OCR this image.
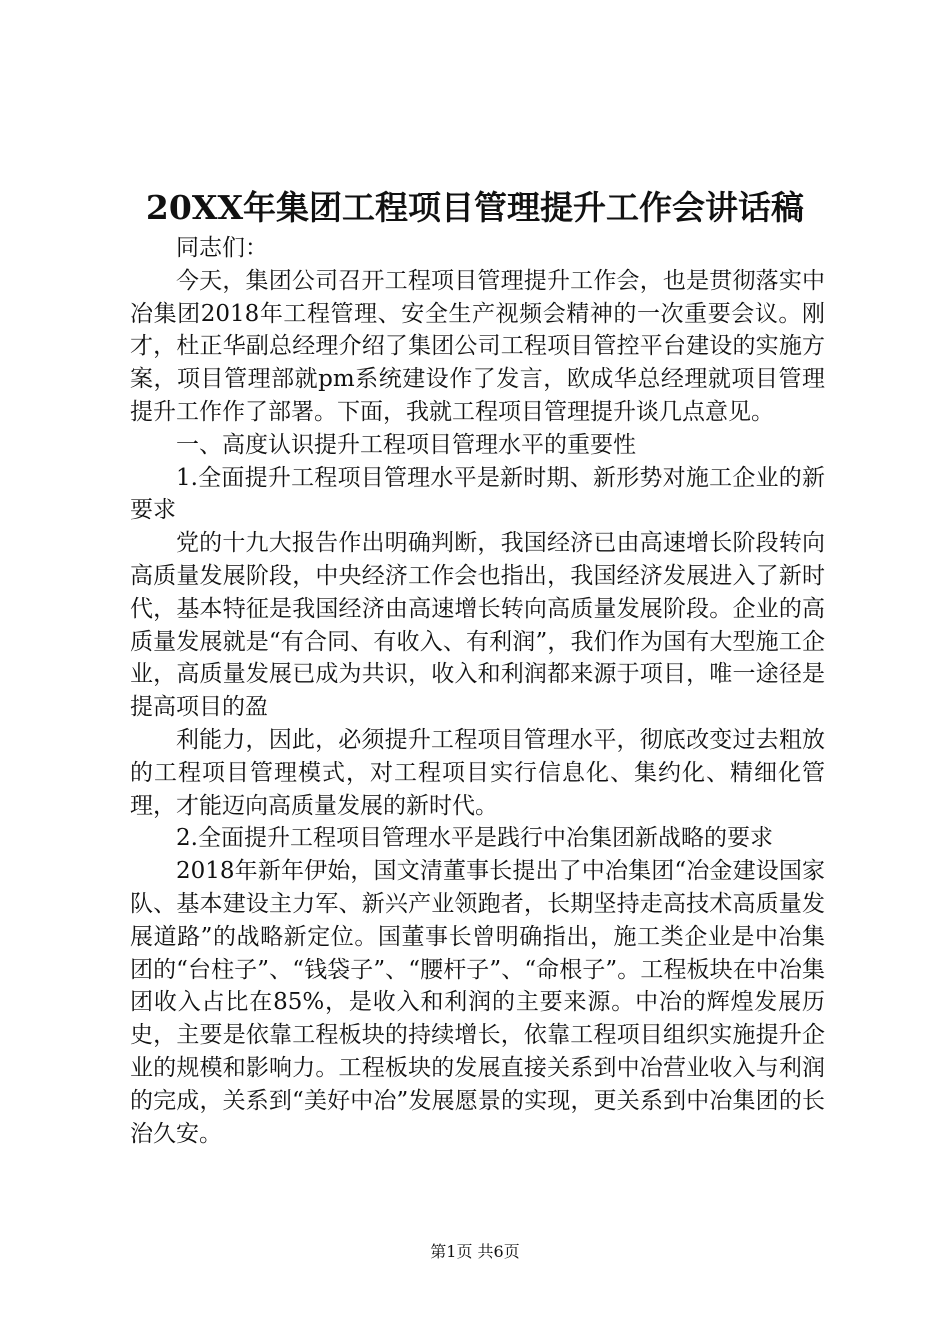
20XX年集团工程项目管理提升工作会讲话稿

同志们：

今天，集团公司召开工程项目管理提升工作会，也是贯彻落实中冶集团2018年工程管理、安全生产视频会精神的一次重要会议。刚才，杜正华副总经理介绍了集团公司工程项目管控平台建设的实施方案，项目管理部就pm系统建设作了发言，欧成华总经理就项目管理提升工作作了部署。下面，我就工程项目管理提升谈几点意见。

一、高度认识提升工程项目管理水平的重要性

1.全面提升工程项目管理水平是新时期、新形势对施工企业的新要求

党的十九大报告作出明确判断，我国经济已由高速增长阶段转向高质量发展阶段，中央经济工作会也指出，我国经济发展进入了新时代，基本特征是我国经济由高速增长转向高质量发展阶段。企业的高质量发展就是“有合同、有收入、有利润”，我们作为国有大型施工企业，高质量发展已成为共识，收入和利润都来源于项目，唯一途径是提高项目的盈

利能力，因此，必须提升工程项目管理水平，彻底改变过去粗放的工程项目管理模式，对工程项目实行信息化、集约化、精细化管理，才能迈向高质量发展的新时代。

2.全面提升工程项目管理水平是践行中冶集团新战略的要求

2018年新年伊始，国文清董事长提出了中冶集团“冶金建设国家队、基本建设主力军、新兴产业领跑者，长期坚持走高技术高质量发展道路”的战略新定位。国董事长曾明确指出，施工类企业是中冶集团的“台柱子”、“钱袋子”、“腰杆子”、“命根子”。工程板块在中冶集团收入占比在85%，是收入和利润的主要来源。中冶的辉煌发展历史，主要是依靠工程板块的持续增长，依靠工程项目组织实施提升企业的规模和影响力。工程板块的发展直接关系到中冶营业收入与利润的完成，关系到“美好中冶”发展愿景的实现，更关系到中冶集团的长治久安。

第1页 共6页
